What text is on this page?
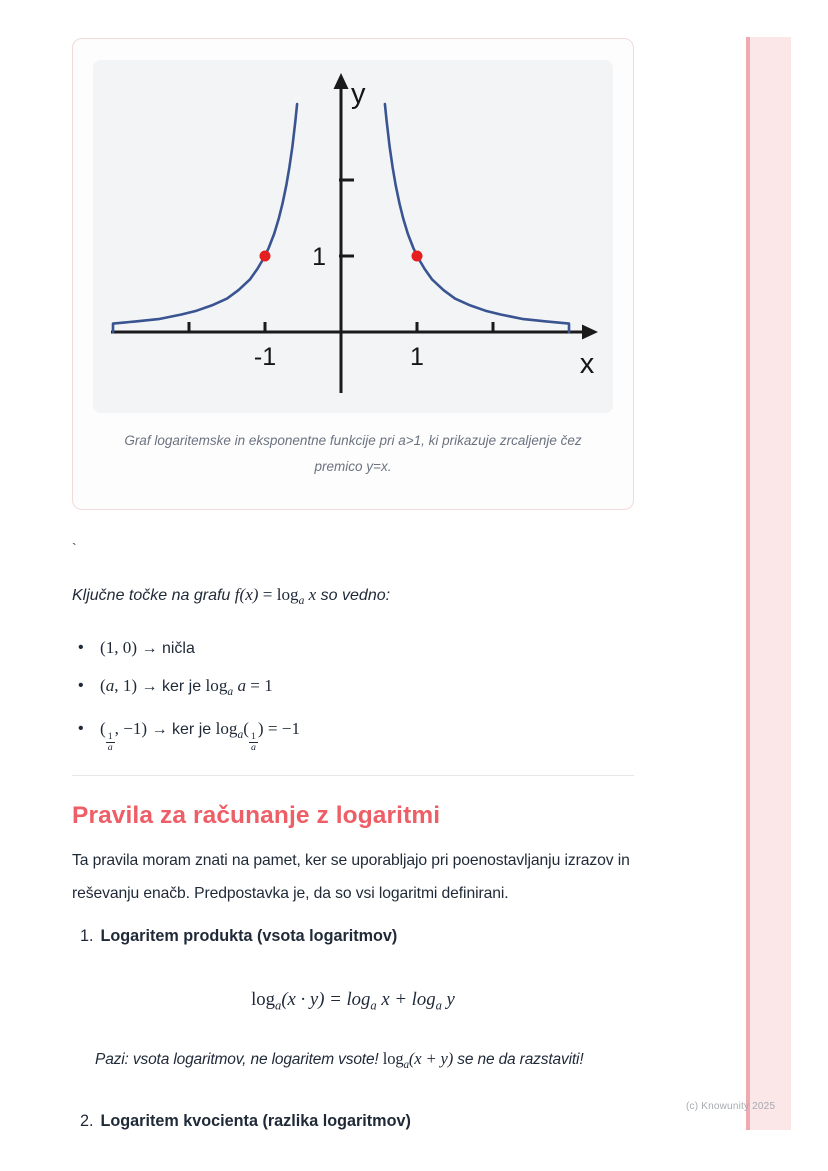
-1	1
1
x
y
Graf logaritemske in eksponentne funkcije pri a>1, ki prikazuje zrcaljenje čez premico y=x.
`
Ključne točke na grafu $f(x) = \log_a x$ so vedno:
• (1, 0) → ničla
• (a, 1) → ker je $\log_a a = 1$
• (
$\frac{1}{a}$
, −1) → ker je $\log_a$(
$\frac{1}{a}$
) = −1
Pravila za računanje z logaritmi

Ta pravila moram znati na pamet, ker se uporabljajo pri poenostavljanju izrazov in reševanju enačb. Predpostavka je, da so vsi logaritmi definirani.

1. Logaritem produkta (vsota logaritmov)
$\log_a(x \cdot y) = \log_a x + \log_a y$
Pazi: vsota logaritmov, ne logaritem vsote! $\log_a(x + y)$ se ne da razstaviti!
2. Logaritem kvocienta (razlika logaritmov)
(c) Knowunity 2025
